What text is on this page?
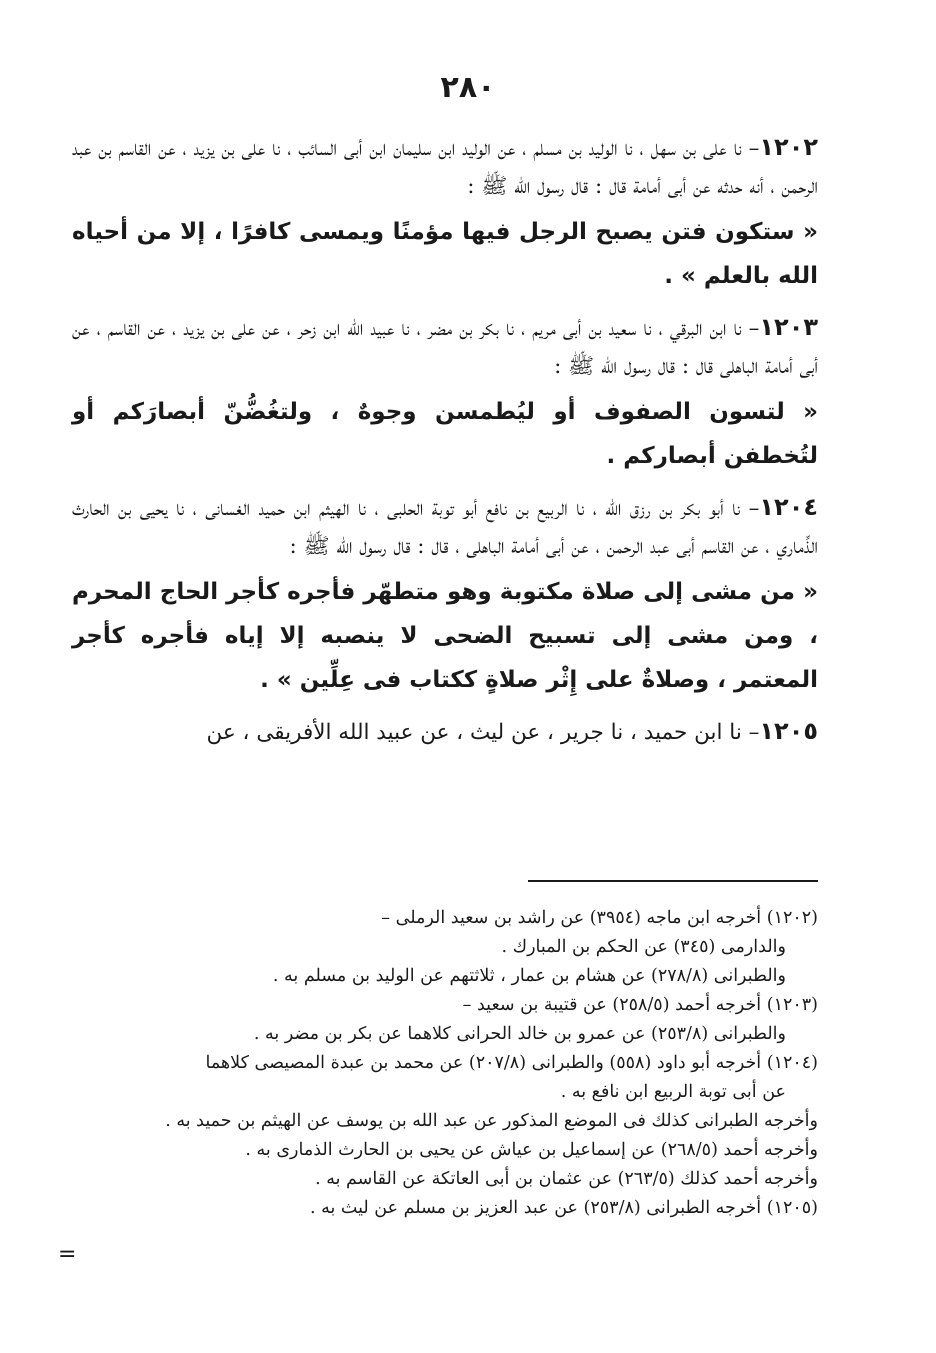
٢٨٠

١٢٠٢– نا على بن سهل ، نا الوليد بن مسلم ، عن الوليد ابن سليمان ابن أبى السائب ، نا على بن يزيد ، عن القاسم بن عبد الرحمن ، أنه حدثه عن أبى أمامة قال : قال رسول الله ﷺ :

« ستكون فتن يصبح الرجل فيها مؤمنًا ويمسى كافرًا ، إلا من أحياه الله بالعلم » .

١٢٠٣– نا ابن البرقي ، نا سعيد بن أبى مريم ، نا بكر بن مضر ، نا عبيد الله ابن زحر ، عن على بن يزيد ، عن القاسم ، عن أبى أمامة الباهلى قال : قال رسول الله ﷺ :

« لتسون الصفوف أو ليُطمسن وجوهٌ ، ولتغُضُّنّ أبصارَكم أو لتُخطفن أبصاركم .

١٢٠٤– نا أبو بكر بن رزق الله ، نا الربيع بن نافع أبو توبة الحلبى ، نا الهيثم ابن حميد الغسانى ، نا يحيى بن الحارث الذِّماري ، عن القاسم أبى عبد الرحمن ، عن أبى أمامة الباهلى ، قال : قال رسول الله ﷺ :

« من مشى إلى صلاة مكتوبة وهو متطهّر فأجره كأجر الحاج المحرم ، ومن مشى إلى تسبيح الضحى لا ينصبه إلا إياه فأجره كأجر المعتمر ، وصلاةٌ على إِثْر صلاةٍ ككتاب فى عِلِّين » .

١٢٠٥– نا ابن حميد ، نا جرير ، عن ليث ، عن عبيد الله الأفريقى ، عن

(١٢٠٢) أخرجه ابن ماجه (٣٩٥٤) عن راشد بن سعيد الرملى –

والدارمى (٣٤٥) عن الحكم بن المبارك .

والطبرانى (٢٧٨/٨) عن هشام بن عمار ، ثلاثتهم عن الوليد بن مسلم به .

(١٢٠٣) أخرجه أحمد (٢٥٨/٥) عن قتيبة بن سعيد –

والطبرانى (٢٥٣/٨) عن عمرو بن خالد الحرانى كلاهما عن بكر بن مضر به .

(١٢٠٤) أخرجه أبو داود (٥٥٨) والطبرانى (٢٠٧/٨) عن محمد بن عبدة المصيصى كلاهما

عن أبى توبة الربيع ابن نافع به .

وأخرجه الطبرانى كذلك فى الموضع المذكور عن عبد الله بن يوسف عن الهيثم بن حميد به .

وأخرجه أحمد (٢٦٨/٥) عن إسماعيل بن عياش عن يحيى بن الحارث الذمارى به .

وأخرجه أحمد كذلك (٢٦٣/٥) عن عثمان بن أبى العاتكة عن القاسم به .

(١٢٠٥) أخرجه الطبرانى (٢٥٣/٨) عن عبد العزيز بن مسلم عن ليث به .

=
